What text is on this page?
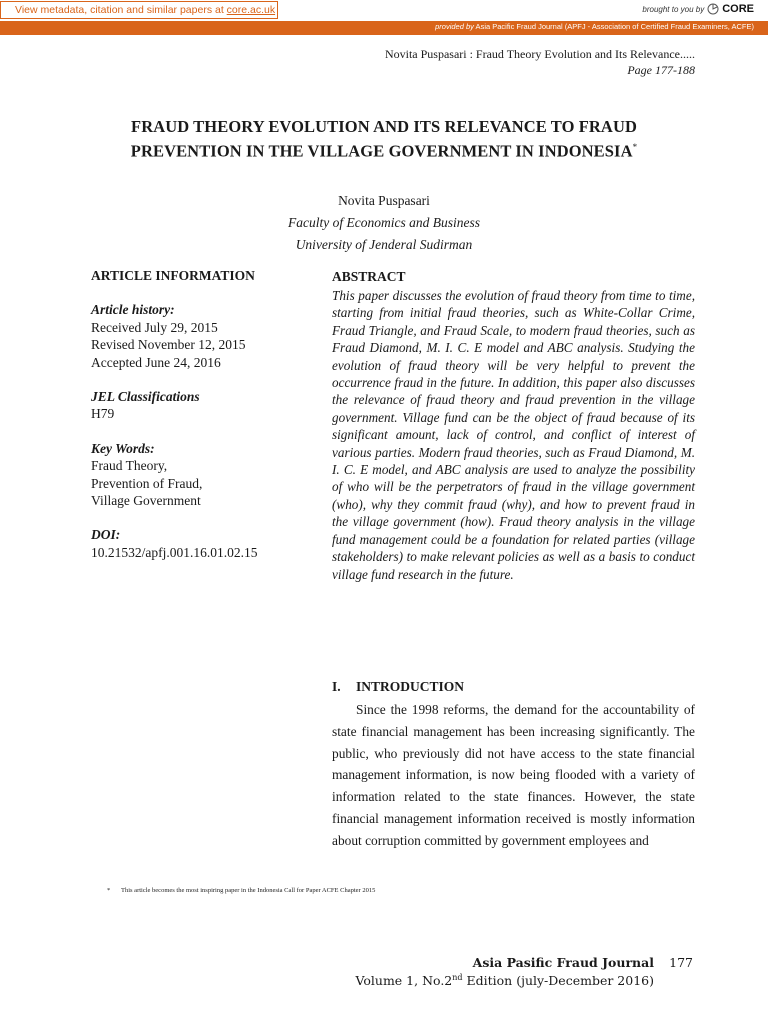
View metadata, citation and similar papers at core.ac.uk	brought to you by CORE
provided by Asia Pacific Fraud Journal (APFJ - Association of Certified Fraud Examiners, ACFE)
Novita Puspasari : Fraud Theory Evolution and Its Relevance.....
Page 177-188
FRAUD THEORY EVOLUTION AND ITS RELEVANCE TO FRAUD
PREVENTION IN THE VILLAGE GOVERNMENT IN INDONESIA*
Novita Puspasari
Faculty of Economics and Business
University of Jenderal Sudirman
ARTICLE INFORMATION
Article history:
Received July 29, 2015
Revised November 12, 2015
Accepted June 24, 2016
JEL Classifications
H79
Key Words:
Fraud Theory,
Prevention of Fraud,
Village Government
DOI:
10.21532/apfj.001.16.01.02.15
ABSTRACT
This paper discusses the evolution of fraud theory from time to time, starting from initial fraud theories, such as White-Collar Crime, Fraud Triangle, and Fraud Scale, to modern fraud theories, such as Fraud Diamond, M. I. C. E model and ABC analysis. Studying the evolution of fraud theory will be very helpful to prevent the occurrence fraud in the future. In addition, this paper also discusses the relevance of fraud theory and fraud prevention in the village government. Village fund can be the object of fraud because of its significant amount, lack of control, and conflict of interest of various parties. Modern fraud theories, such as Fraud Diamond, M. I. C. E model, and ABC analysis are used to analyze the possibility of who will be the perpetrators of fraud in the village government (who), why they commit fraud (why), and how to prevent fraud in the village government (how). Fraud theory analysis in the village fund management could be a foundation for related parties (village stakeholders) to make relevant policies as well as a basis to conduct village fund research in the future.
I. INTRODUCTION
Since the 1998 reforms, the demand for the accountability of state financial management has been increasing significantly. The public, who previously did not have access to the state financial management information, is now being flooded with a variety of information related to the state finances. However, the state financial management information received is mostly information about corruption committed by government employees and
* This article becomes the most inspiring paper in the Indonesia Call for Paper ACFE Chapter 2015
Asia Pasific Fraud Journal 177
Volume 1, No.2nd Edition (july-December 2016)
